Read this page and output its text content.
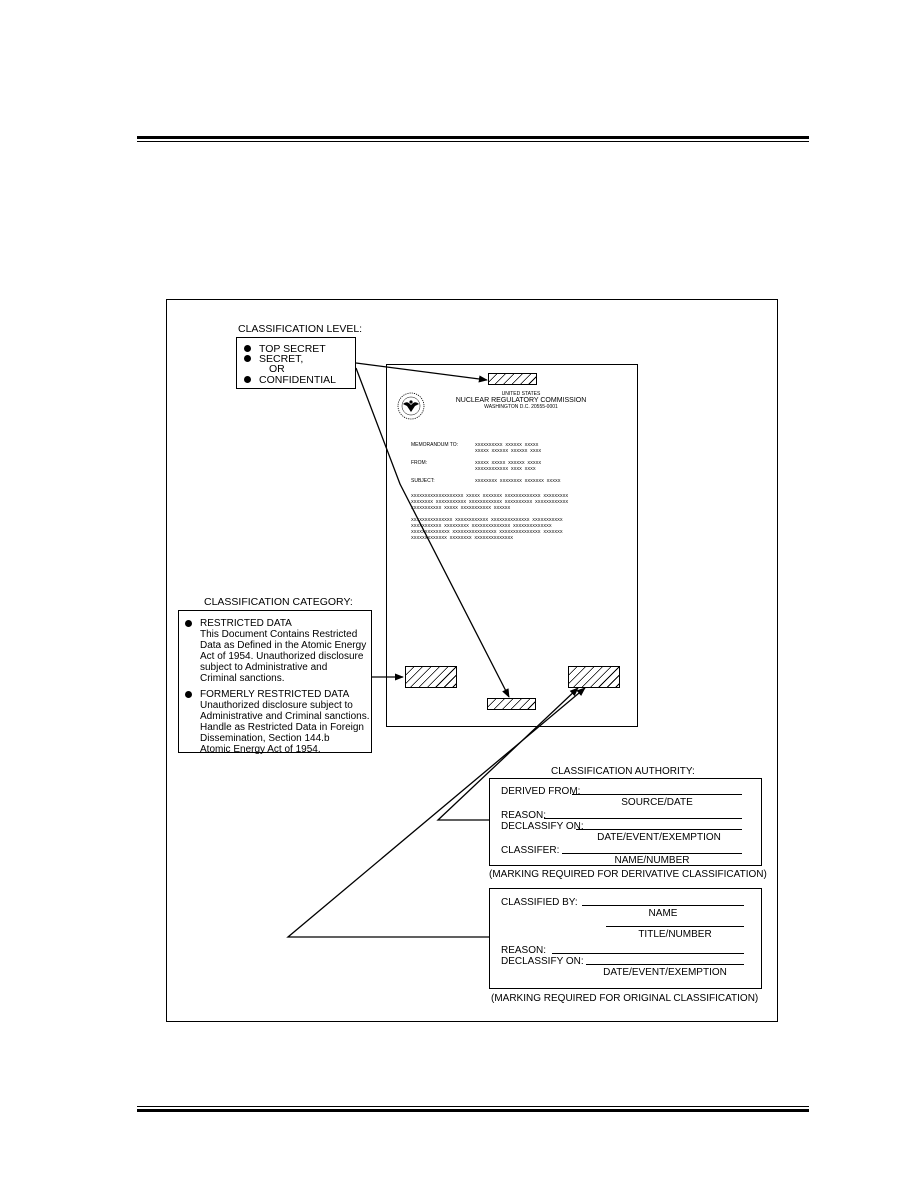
CLASSIFICATION LEVEL:
TOP SECRET
SECRET,
OR
CONFIDENTIAL
UNITED STATES
NUCLEAR REGULATORY COMMISSION
WASHINGTON D.C. 20555-0001
MEMORANDUM TO:	XXXXXXXXXX XXXXXX XXXXX
XXXXX XXXXXX XXXXXX XXXX
FROM:	XXXXX XXXXX XXXXXX XXXXX
XXXXXXXXXXXX XXXX XXXX
SUBJECT:	XXXXXXXX XXXXXXXX XXXXXXX XXXXX
XXXXXXXXXXXXXXXXXXX XXXXX XXXXXXX XXXXXXXXXXXXX XXXXXXXXX
XXXXXXXX XXXXXXXXXXX XXXXXXXXXXXX XXXXXXXXXX XXXXXXXXXXXX
XXXXXXXXXXX XXXXX XXXXXXXXXXX XXXXXX
XXXXXXXXXXXXXXX XXXXXXXXXXXX XXXXXXXXXXXXXX XXXXXXXXXXX
XXXXXXXXXXX XXXXXXXXX XXXXXXXXXXXXXX XXXXXXXXXXXXXX
XXXXXXXXXXXXXX XXXXXXXXXXXXXXXX XXXXXXXXXXXXXXX XXXXXXX
XXXXXXXXXXXXX XXXXXXXX XXXXXXXXXXXXXX
CLASSIFICATION CATEGORY:
RESTRICTED DATA
This Document Contains Restricted
Data as Defined in the Atomic Energy
Act of 1954. Unauthorized disclosure
subject to Administrative and
Criminal sanctions.
FORMERLY RESTRICTED DATA
Unauthorized disclosure subject to
Administrative and Criminal sanctions.
Handle as Restricted Data in Foreign
Dissemination, Section 144.b
Atomic Energy Act of 1954.
CLASSIFICATION AUTHORITY:
DERIVED FROM:
SOURCE/DATE
REASON:
DECLASSIFY ON:
DATE/EVENT/EXEMPTION
CLASSIFER:
NAME/NUMBER
(MARKING REQUIRED FOR DERIVATIVE CLASSIFICATION)
CLASSIFIED BY:
NAME
TITLE/NUMBER
REASON:
DECLASSIFY ON:
DATE/EVENT/EXEMPTION
(MARKING REQUIRED FOR ORIGINAL CLASSIFICATION)
